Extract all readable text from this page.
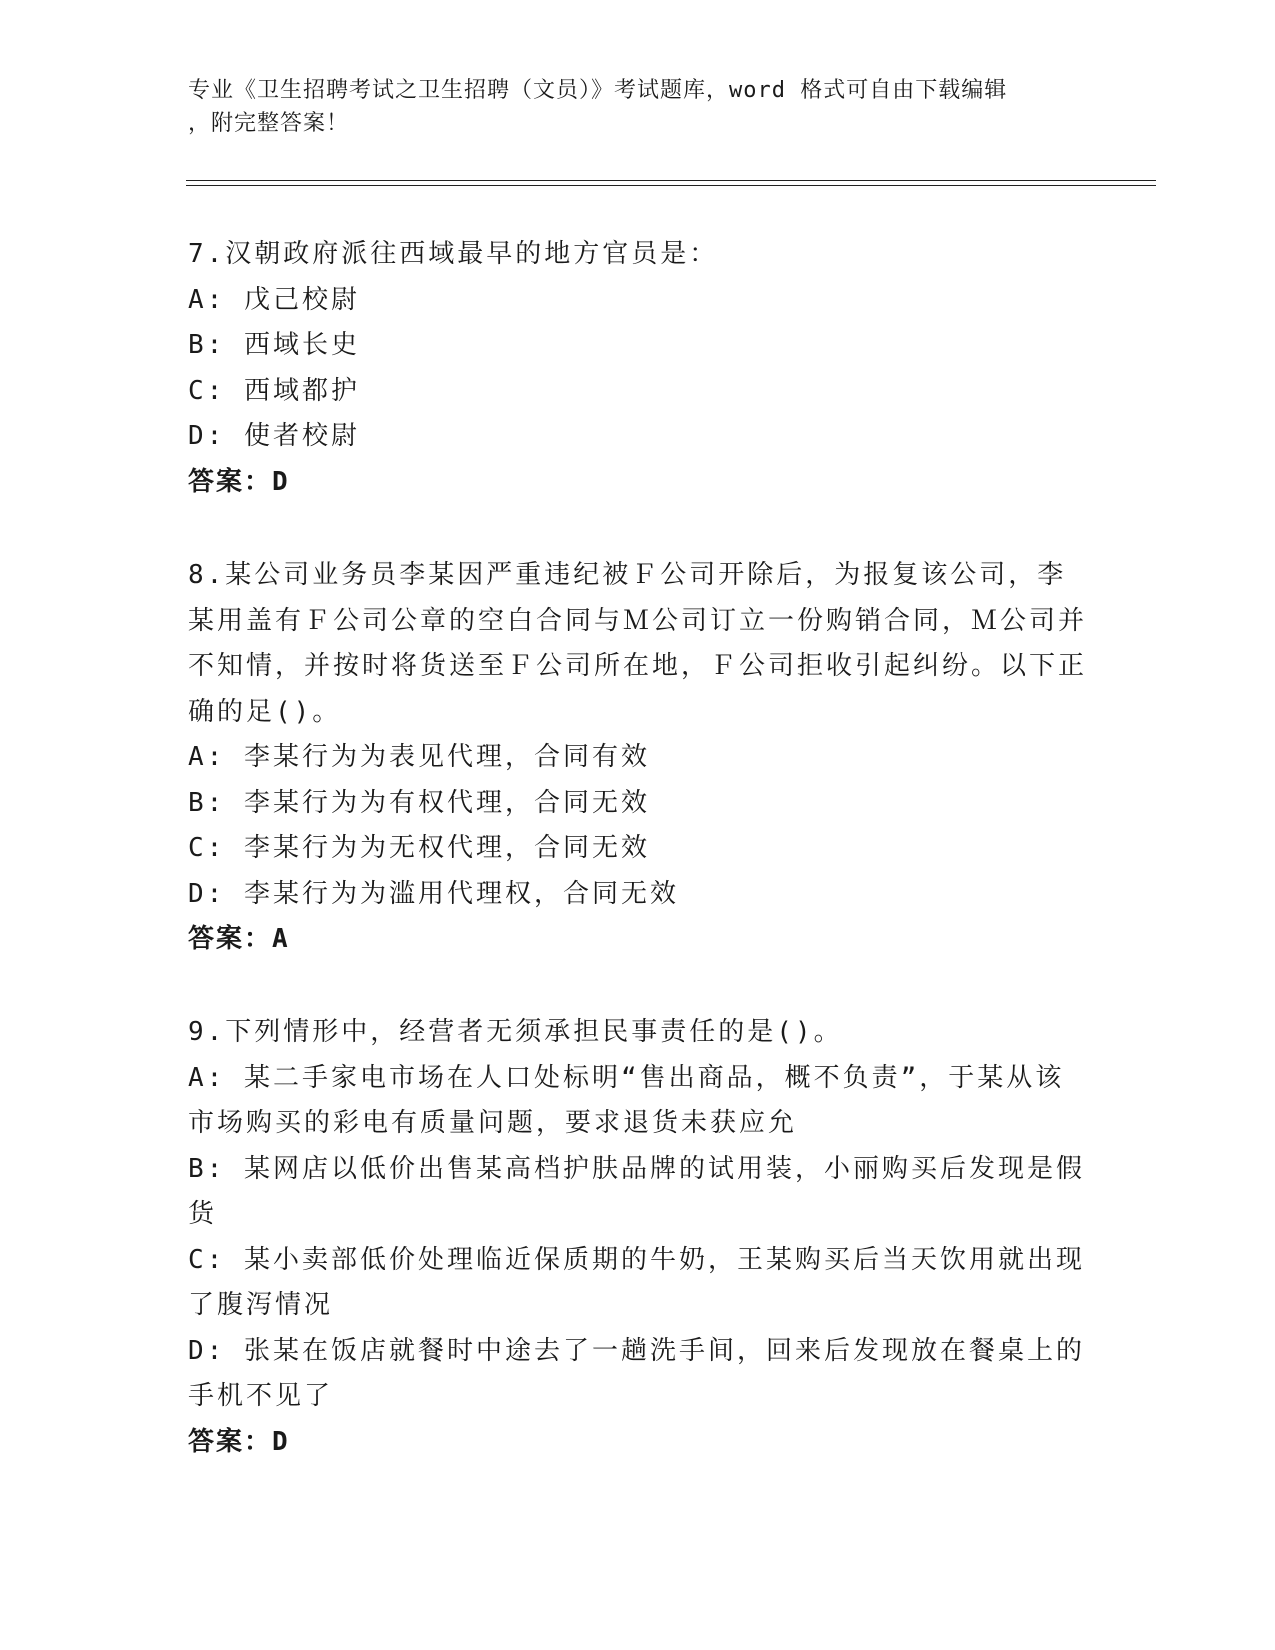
专业《卫生招聘考试之卫生招聘（文员）》考试题库，word 格式可自由下载编辑
，附完整答案！

7.汉朝政府派往西域最早的地方官员是：

A: 戊己校尉

B: 西域长史

C: 西域都护

D: 使者校尉

答案：D

8.某公司业务员李某因严重违纪被Ｆ公司开除后，为报复该公司，李某用盖有Ｆ公司公章的空白合同与Ｍ公司订立一份购销合同，Ｍ公司并不知情，并按时将货送至Ｆ公司所在地，Ｆ公司拒收引起纠纷。以下正确的足()。

A: 李某行为为表见代理，合同有效

B: 李某行为为有权代理，合同无效

C: 李某行为为无权代理，合同无效

D: 李某行为为滥用代理权，合同无效

答案：A

9.下列情形中，经营者无须承担民事责任的是()。

A: 某二手家电市场在人口处标明“售出商品，概不负责”，于某从该市场购买的彩电有质量问题，要求退货未获应允

B: 某网店以低价出售某高档护肤品牌的试用装，小丽购买后发现是假货

C: 某小卖部低价处理临近保质期的牛奶，王某购买后当天饮用就出现了腹泻情况

D: 张某在饭店就餐时中途去了一趟洗手间，回来后发现放在餐桌上的手机不见了

答案：D
